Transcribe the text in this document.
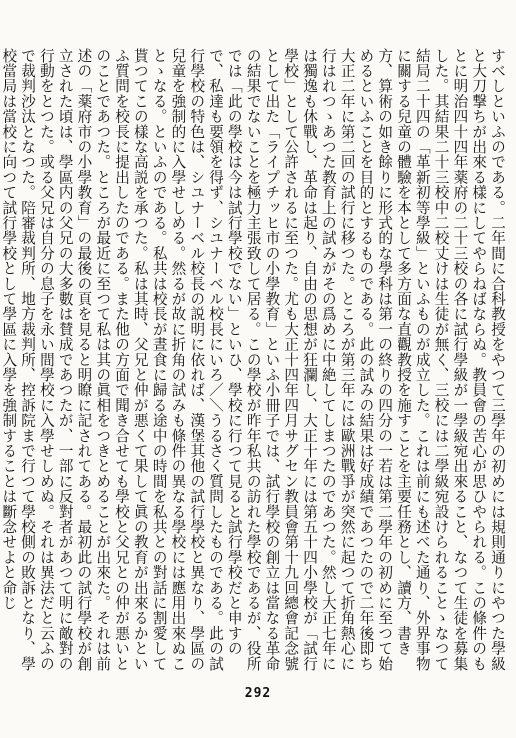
すべしといふのである。二年間に合科教授をやつて三學年の初めには規則通りにやつた學級と大刀撃ちが出來る樣にしてやらねばならぬ。教員會の苦心が思ひやられる。この條件のもとに明治四十四年薬府の二十三校の各に試行學級が一學級宛出來ること、なつて生徒を募集した。其結果二十三校中二校丈けは生徒が無く、三校には二學級宛設けられることゝなつて結局二十四の「革新初等學級」といふものが成立した。これは前にも述べた通り、外界事物に關する兒童の體驗を本として多方面な直觀教授を施すことを主要任務とし、讀方、書き方、算術の如き餘りに形式的な學科は第一の終りの四分の一若は第二學年の初めに至つて始めるといふことを目的とするものである。此の試みの結果は好成績であつたので二年後即ち大正二年に第二回の試行に移つた。ところが第三年には歐洲戰爭が突然に起つて折角熱心に行はれつゝあつた教育上の試みがその爲めに中絶してしまつたのであつた。然し大正七年には獨逸も休戰し、革命は起り、自由の思想が狂瀾し、大正十年には第五十四小學校が「試行學校」として公許されるに至つた。尤も大正十四年四月サグセン教員會第十九回總會記念號として出た「ライプチッヒ市の小學教育」といふ小冊子では、試行學校の創立は當なる革命の結果でないことを極力主張致して居る。この學校が昨年私共の訪れた學校であるが、役所では「此の學校は今は試行學校でない」といひ、學校に行つて見ると試行學校だと申すので、私達も要領を得ず、シユナーベル校長にいろ／＼うるさく質問したものである。此の試行學校の特色は、シユナーベル校長の説明に依れば、漢堡其他の試行學校と異なり、學區の兒童を強制的に入學せしめる。然るが故に折角の試みも條件の異なる學校には應用出來ぬことゝなる。といふのである。私共は校長が晝食に歸る途中の時間を私共との對話に割愛して貰つてこの樣な高説を承つた。私は其時、父兄と仲が悪くて果して眞の教育が出來るかといふ質問を校長に提出したのである。また他の方面で聞き合せても學校と父兄との仲が悪いとのことであつた。ところが最近に至つて私は其の眞相をつきとめることが出來た。それは前述の「薬府市の小學教育」の最後の頁を見ると明瞭に記されてある。最初此の試行學校が創立された頃は、學區内の父兄の大多數は賛成であつたが、一部に反對者があつて明に敵對の行動をとつた。或る父兄は自分の息子を永い間學校に入學せしめぬ。それは異法だと云ふので裁判沙汰となつた。陪審裁判所、地方裁判所、控訴院まで行つて學校側の敗訴となり、學校當局は當校に向つて試行學校として學區に入學を強制することは斷念せよと命じ

292
